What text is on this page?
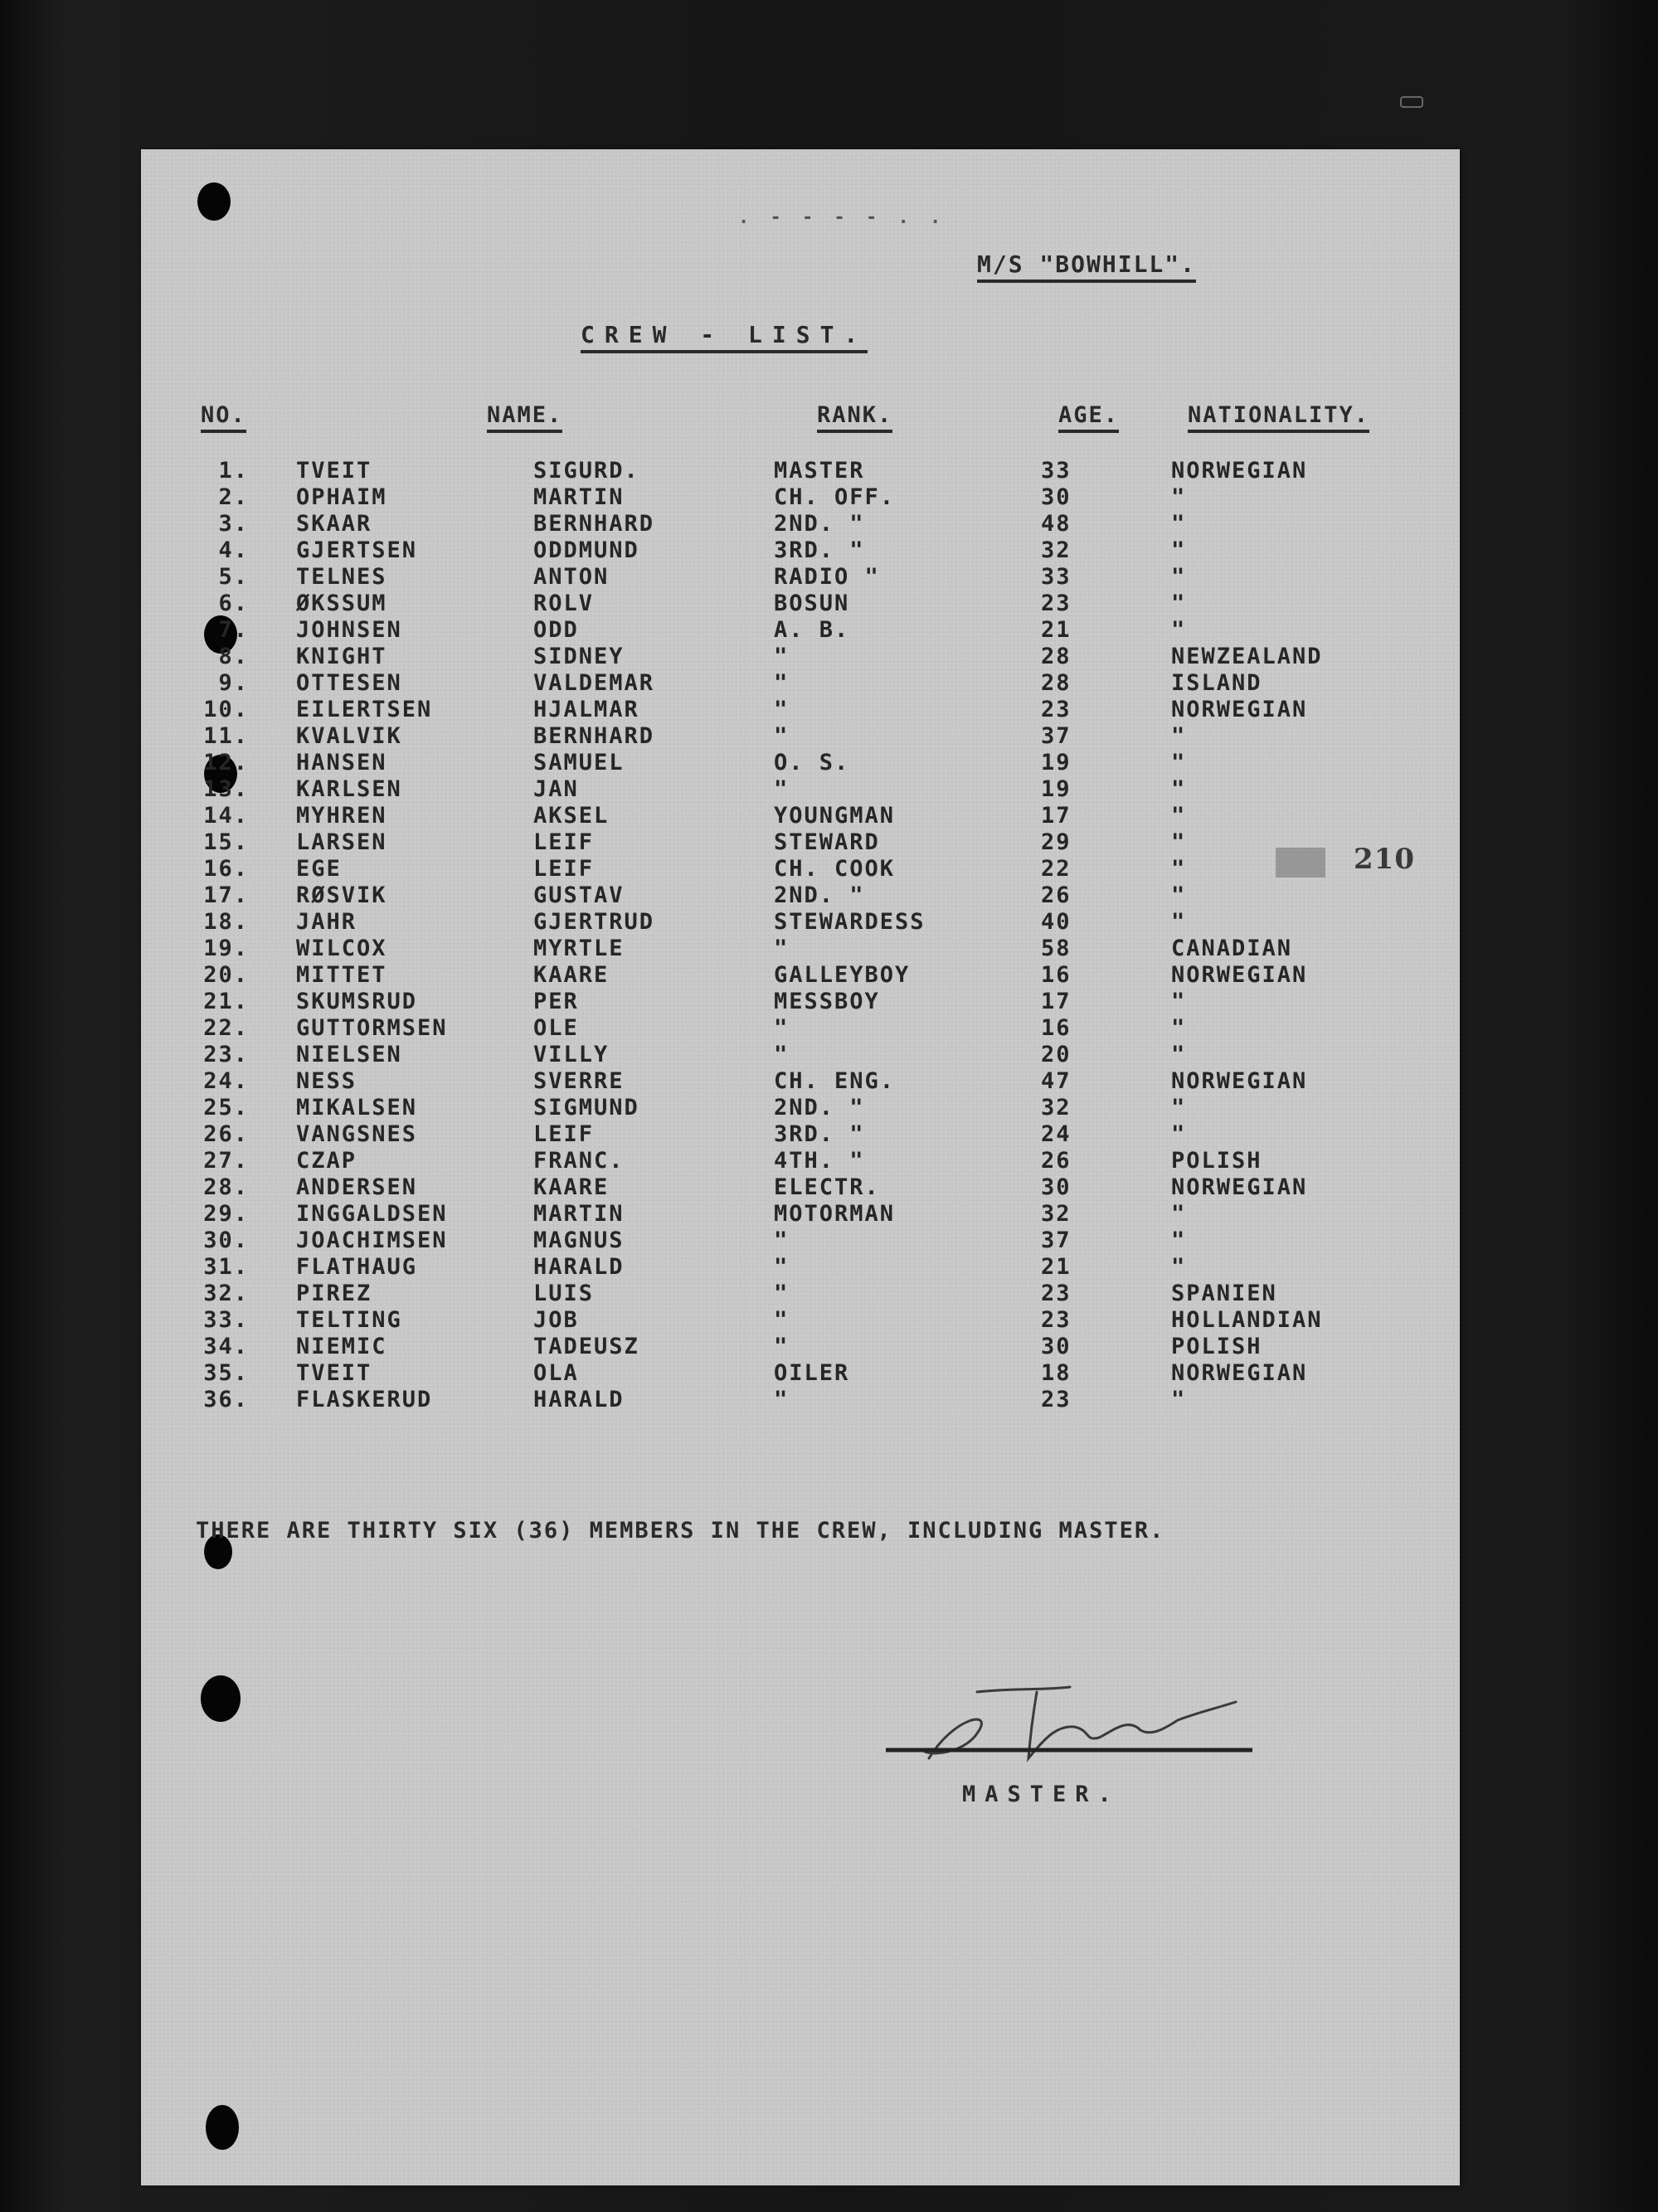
. - - - - . .
M/S "BOWHILL".
CREW - LIST.
NO.	NAME.	RANK.	AGE.	NATIONALITY.
1. TVEIT	SIGURD.	MASTER	33	NORWEGIAN
2. OPHAIM	MARTIN	CH. OFF.	30	"
3. SKAAR	BERNHARD	2ND. "	48	"
4. GJERTSEN	ODDMUND	3RD. "	32	"
5. TELNES	ANTON	RADIO "	33	"
6. ØKSSUM	ROLV	BOSUN	23	"
7. JOHNSEN	ODD	A. B.	21	"
8. KNIGHT	SIDNEY	"	28	NEWZEALAND
9. OTTESEN	VALDEMAR	"	28	ISLAND
10. EILERTSEN	HJALMAR	"	23	NORWEGIAN
11. KVALVIK	BERNHARD	"	37	"
12. HANSEN	SAMUEL	O. S.	19	"
13. KARLSEN	JAN	"	19	"
14. MYHREN	AKSEL	YOUNGMAN	17	"
15. LARSEN	LEIF	STEWARD	29	"
16. EGE	LEIF	CH. COOK	22	"
17. RØSVIK	GUSTAV	2ND. "	26	"
18. JAHR	GJERTRUD	STEWARDESS	40	"
19. WILCOX	MYRTLE	"	58	CANADIAN
20. MITTET	KAARE	GALLEYBOY	16	NORWEGIAN
21. SKUMSRUD	PER	MESSBOY	17	"
22. GUTTORMSEN	OLE	"	16	"
23. NIELSEN	VILLY	"	20	"
24. NESS	SVERRE	CH. ENG.	47	NORWEGIAN
25. MIKALSEN	SIGMUND	2ND. "	32	"
26. VANGSNES	LEIF	3RD. "	24	"
27. CZAP	FRANC.	4TH. "	26	POLISH
28. ANDERSEN	KAARE	ELECTR.	30	NORWEGIAN
29. INGGALDSEN	MARTIN	MOTORMAN	32	"
30. JOACHIMSEN	MAGNUS	"	37	"
31. FLATHAUG	HARALD	"	21	"
32. PIREZ	LUIS	"	23	SPANIEN
33. TELTING	JOB	"	23	HOLLANDIAN
34. NIEMIC	TADEUSZ	"	30	POLISH
35. TVEIT	OLA	OILER	18	NORWEGIAN
36. FLASKERUD	HARALD	"	23	"
210
THERE ARE THIRTY SIX (36) MEMBERS IN THE CREW, INCLUDING MASTER.
MASTER.
